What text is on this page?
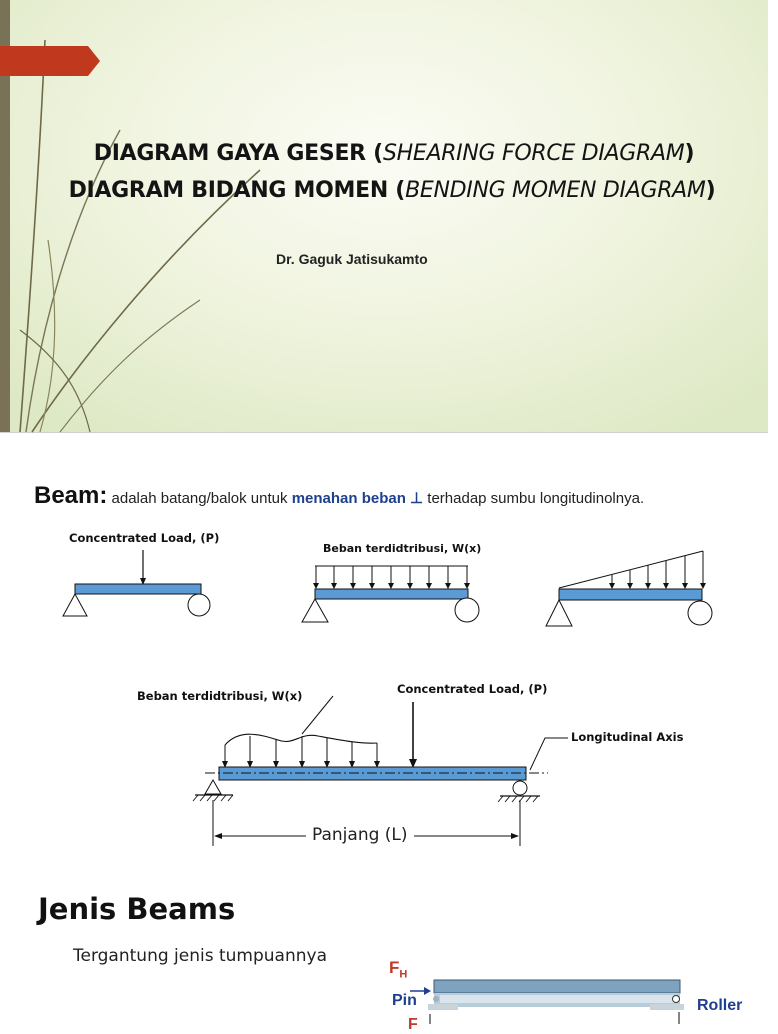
DIAGRAM GAYA GESER (SHEARING FORCE DIAGRAM)
DIAGRAM BIDANG MOMEN (BENDING MOMEN DIAGRAM)
Dr. Gaguk Jatisukamto
Beam: adalah batang/balok untuk menahan beban ⊥ terhadap sumbu longitudinolnya.
Concentrated Load, (P)
Beban terdidtribusi, W(x)
Beban terdidtribusi, W(x)	Concentrated Load, (P)
Longitudinal Axis
Panjang (L)
Jenis Beams
Tergantung jenis tumpuannya
$F_H$
Pin	Roller
F
